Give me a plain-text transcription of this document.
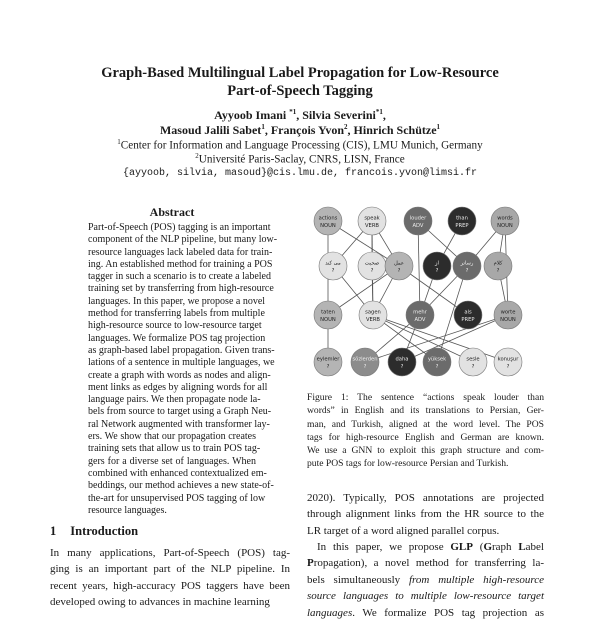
Graph-Based Multilingual Label Propagation for Low-Resource
Part-of-Speech Tagging
Ayyoob Imani $^{*1}$, Silvia Severini$^{*1}$,
Masoud Jalili Sabet$^1$, François Yvon$^2$, Hinrich Schütze$^1$
$^1$Center for Information and Language Processing (CIS), LMU Munich, Germany
$^2$Université Paris-Saclay, CNRS, LISN, France
{ayyoob, silvia, masoud}@cis.lmu.de, francois.yvon@limsi.fr
Abstract
Part-of-Speech (POS) tagging is an important
component of the NLP pipeline, but many low-
resource languages lack labeled data for train-
ing. An established method for training a POS
tagger in such a scenario is to create a labeled
training set by transferring from high-resource
languages. In this paper, we propose a novel
method for transferring labels from multiple
high-resource source to low-resource target
languages. We formalize POS tag projection
as graph-based label propagation. Given trans-
lations of a sentence in multiple languages, we
create a graph with words as nodes and align-
ment links as edges by aligning words for all
language pairs. We then propagate node la-
bels from source to target using a Graph Neu-
ral Network augmented with transformer lay-
ers. We show that our propagation creates
training sets that allow us to train POS tag-
gers for a diverse set of languages. When
combined with enhanced contextualized em-
beddings, our method achieves a new state-of-
the-art for unsupervised POS tagging of low
resource languages.
1 Introduction
In many applications, Part-of-Speech (POS) tag-
ging is an important part of the NLP pipeline. In
recent years, high-accuracy POS taggers have been
developed owing to advances in machine learning
actions
NOUN
speak
VERB
louder
ADV
than
PREP
words
NOUN
می کند
?
صحبت
?
عمل
?
از
?
رساتر
?
کلام
?
taten
NOUN
sagen
VERB
mehr
ADV
als
PREP
worte
NOUN
eylemler
?
sözlerden
?
daha
?
yüksek
?
sesle
?
konuşur
?
Figure 1: The sentence “actions speak louder than
words” in English and its translations to Persian, Ger-
man, and Turkish, aligned at the word level. The POS
tags for high-resource English and German are known.
We use a GNN to exploit this graph structure and com-
pute POS tags for low-resource Persian and Turkish.
2020). Typically, POS annotations are projected
through alignment links from the HR source to the
LR target of a word aligned parallel corpus.
In this paper, we propose GLP (Graph Label
Propagation), a novel method for transferring la-
bels simultaneously from multiple high-resource
source languages to multiple low-resource target
languages. We formalize POS tag projection as
